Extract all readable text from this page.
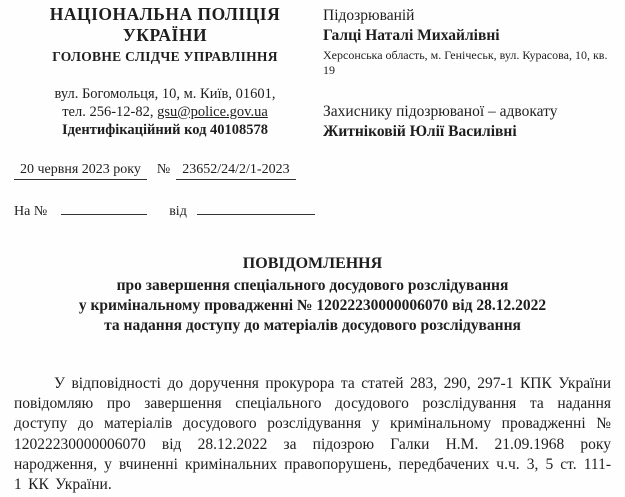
НАЦІОНАЛЬНА ПОЛІЦІЯ
УКРАЇНИ
ГОЛОВНЕ СЛІДЧЕ УПРАВЛІННЯ
вул. Богомольця, 10, м. Київ, 01601,
тел. 256-12-82, gsu@police.gov.ua
Ідентифікаційний код 40108578
20 червня 2023 року	№ 23652/24/2/1-2023
На №	від
Підозрюваній
Галці Наталі Михайлівні
Херсонська область, м. Генічеськ, вул. Курасова, 10, кв. 19
Захиснику підозрюваної – адвокату
Житніковій Юлії Василівні
ПОВІДОМЛЕННЯ
про завершення спеціального досудового розслідування
у кримінальному провадженні № 12022230000006070 від 28.12.2022
та надання доступу до матеріалів досудового розслідування

У відповідності до доручення прокурора та статей 283, 290, 297-1 КПК України повідомляю про завершення спеціального досудового розслідування та надання доступу до матеріалів досудового розслідування у кримінальному провадженні № 12022230000006070 від 28.12.2022 за підозрою Галки Н.М. 21.09.1968 року народження, у вчиненні кримінальних правопорушень, передбачених ч.ч. 3, 5 ст. 111-1 КК України.
